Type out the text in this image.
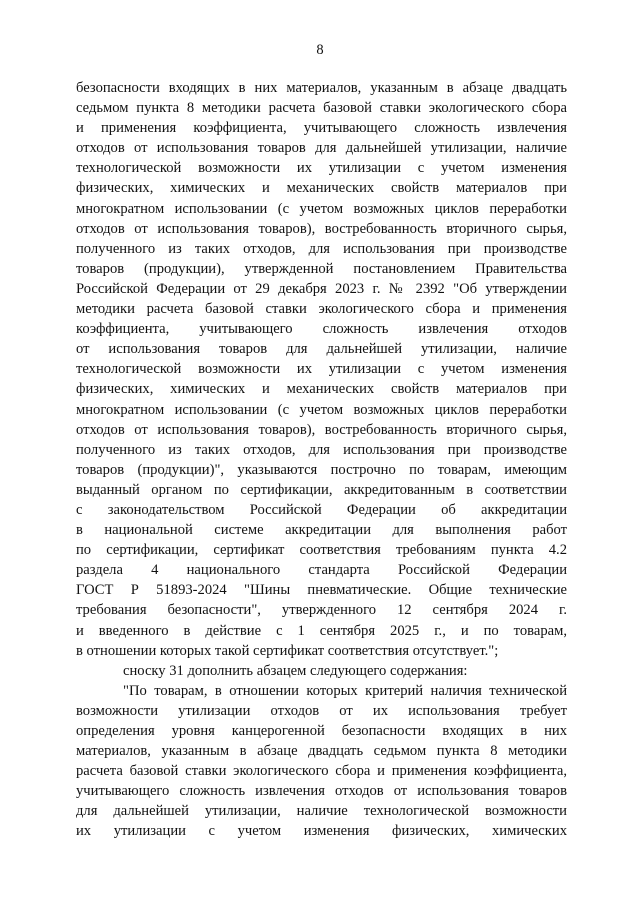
8
безопасности входящих в них материалов, указанным в абзаце двадцать
седьмом пункта 8 методики расчета базовой ставки экологического сбора
и применения коэффициента, учитывающего сложность извлечения
отходов от использования товаров для дальнейшей утилизации, наличие
технологической возможности их утилизации с учетом изменения
физических, химических и механических свойств материалов при
многократном использовании (с учетом возможных циклов переработки
отходов от использования товаров), востребованность вторичного сырья,
полученного из таких отходов, для использования при производстве
товаров (продукции), утвержденной постановлением Правительства
Российской Федерации от 29 декабря 2023 г. № 2392 "Об утверждении
методики расчета базовой ставки экологического сбора и применения
коэффициента, учитывающего сложность извлечения отходов
от использования товаров для дальнейшей утилизации, наличие
технологической возможности их утилизации с учетом изменения
физических, химических и механических свойств материалов при
многократном использовании (с учетом возможных циклов переработки
отходов от использования товаров), востребованность вторичного сырья,
полученного из таких отходов, для использования при производстве
товаров (продукции)", указываются построчно по товарам, имеющим
выданный органом по сертификации, аккредитованным в соответствии
с законодательством Российской Федерации об аккредитации
в национальной системе аккредитации для выполнения работ
по сертификации, сертификат соответствия требованиям пункта 4.2
раздела 4 национального стандарта Российской Федерации
ГОСТ Р 51893-2024 "Шины пневматические. Общие технические
требования безопасности", утвержденного 12 сентября 2024 г.
и введенного в действие с 1 сентября 2025 г., и по товарам,
в отношении которых такой сертификат соответствия отсутствует.";
сноску 31 дополнить абзацем следующего содержания:
"По товарам, в отношении которых критерий наличия технической
возможности утилизации отходов от их использования требует
определения уровня канцерогенной безопасности входящих в них
материалов, указанным в абзаце двадцать седьмом пункта 8 методики
расчета базовой ставки экологического сбора и применения коэффициента,
учитывающего сложность извлечения отходов от использования товаров
для дальнейшей утилизации, наличие технологической возможности
их утилизации с учетом изменения физических, химических
